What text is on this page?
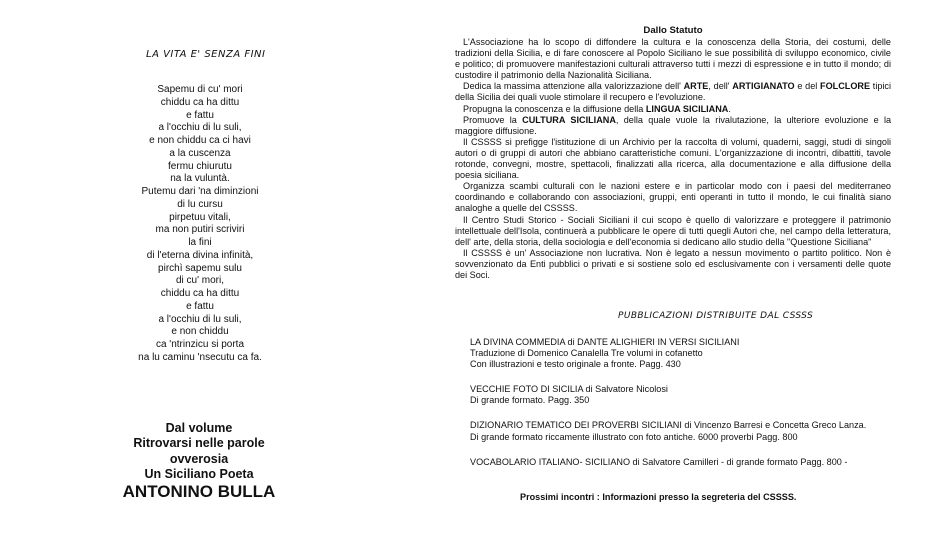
LA VITA E' SENZA FINI
Sapemu di cu' mori
chiddu ca ha dittu
e fattu
a l'occhiu di lu suli,
e non chiddu ca ci havi
a la cuscenza
fermu chiurutu
na la vuluntà.
Putemu dari 'na diminzioni
di lu cursu
pirpetuu vitali,
ma non putiri scriviri
la fini
di l'eterna divina infinità,
pirchì sapemu sulu
di cu' mori,
chiddu ca ha dittu
e fattu
a l'occhiu di lu suli,
e non chiddu
ca 'ntrinzicu si porta
na lu caminu 'nsecutu ca fa.
Dal volume
Ritrovarsi nelle parole
ovverosia
Un Siciliano Poeta
ANTONINO BULLA
Dallo Statuto

L'Associazione ha lo scopo di diffondere la cultura e la conoscenza della Storia, dei costumi, delle tradizioni della Sicilia, e di fare conoscere al Popolo Siciliano le sue possibilità di sviluppo economico, civile e politico; di promuovere manifestazioni culturali attraverso tutti i mezzi di espressione e in tutto il mondo; di custodire il patrimonio della Nazionalità Siciliana.

Dedica la massima attenzione alla valorizzazione dell' ARTE, dell' ARTIGIANATO e del FOLCLORE tipici della Sicilia dei quali vuole stimolare il recupero e l'evoluzione.

Propugna la conoscenza e la diffusione della LINGUA SICILIANA.

Promuove la CULTURA SICILIANA, della quale vuole la rivalutazione, la ulteriore evoluzione e la maggiore diffusione.

Il CSSSS si prefigge l'istituzione di un Archivio per la raccolta di volumi, quaderni, saggi, studi di singoli autori o di gruppi di autori che abbiano caratteristiche comuni. L'organizzazione di incontri, dibattiti, tavole rotonde, convegni, mostre, spettacoli, finalizzati alla ricerca, alla documentazione e alla diffusione della poesia siciliana.

Organizza scambi culturali con le nazioni estere e in particolar modo con i paesi del mediterraneo coordinando e collaborando con associazioni, gruppi, enti operanti in tutto il mondo, le cui finalità siano analoghe a quelle del CSSSS.

Il Centro Studi Storico - Sociali Siciliani il cui scopo è quello di valorizzare e proteggere il patrimonio intellettuale dell'Isola, continuerà a pubblicare le opere di tutti quegli Autori che, nel campo della letteratura, dell' arte, della storia, della sociologia e dell'economia si dedicano allo studio della "Questione Siciliana"

Il CSSSS è un' Associazione non lucrativa. Non è legato a nessun movimento o partito politico. Non è sovvenzionato da Enti pubblici o privati e si sostiene solo ed esclusivamente con i versamenti delle quote dei Soci.

PUBBLICAZIONI DISTRIBUITE DAL CSSSS
LA DIVINA COMMEDIA di DANTE ALIGHIERI IN VERSI SICILIANI
Traduzione di Domenico Canalella Tre volumi in cofanetto
Con illustrazioni e testo originale a fronte. Pagg. 430
VECCHIE FOTO DI SICILIA di Salvatore Nicolosi
Di grande formato. Pagg. 350
DIZIONARIO TEMATICO DEI PROVERBI SICILIANI di Vincenzo Barresi e Concetta Greco Lanza.
Di grande formato riccamente illustrato con foto antiche. 6000 proverbi Pagg. 800
VOCABOLARIO ITALIANO- SICILIANO di Salvatore Camilleri - di grande formato Pagg. 800 -
Prossimi incontri : Informazioni presso la segreteria del CSSSS.
